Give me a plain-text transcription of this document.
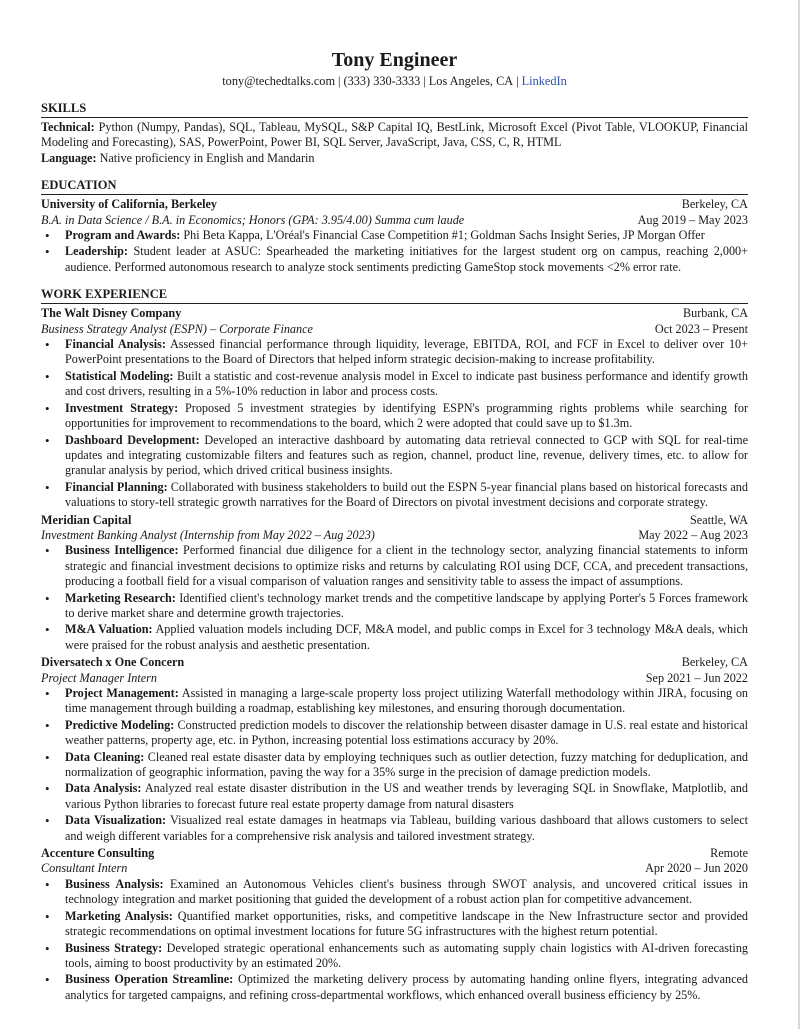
Tony Engineer
tony@techedtalks.com | (333) 330-3333 | Los Angeles, CA | LinkedIn
SKILLS

Technical: Python (Numpy, Pandas), SQL, Tableau, MySQL, S&P Capital IQ, BestLink, Microsoft Excel (Pivot Table, VLOOKUP, Financial Modeling and Forecasting), SAS, PowerPoint, Power BI, SQL Server, JavaScript, Java, CSS, C, R, HTML

Language: Native proficiency in English and Mandarin

EDUCATION
University of California, Berkeley	Berkeley, CA
B.A. in Data Science / B.A. in Economics; Honors (GPA: 3.95/4.00) Summa cum laude	Aug 2019 – May 2023
• Program and Awards: Phi Beta Kappa, L'Oréal's Financial Case Competition #1; Goldman Sachs Insight Series, JP Morgan Offer
• Leadership: Student leader at ASUC: Spearheaded the marketing initiatives for the largest student org on campus, reaching 2,000+ audience. Performed autonomous research to analyze stock sentiments predicting GameStop stock movements <2% error rate.
WORK EXPERIENCE
The Walt Disney Company	Burbank, CA
Business Strategy Analyst (ESPN) – Corporate Finance	Oct 2023 – Present
• Financial Analysis: Assessed financial performance through liquidity, leverage, EBITDA, ROI, and FCF in Excel to deliver over 10+ PowerPoint presentations to the Board of Directors that helped inform strategic decision-making to increase profitability.
• Statistical Modeling: Built a statistic and cost-revenue analysis model in Excel to indicate past business performance and identify growth and cost drivers, resulting in a 5%-10% reduction in labor and process costs.
• Investment Strategy: Proposed 5 investment strategies by identifying ESPN's programming rights problems while searching for opportunities for improvement to recommendations to the board, which 2 were adopted that could save up to $1.3m.
• Dashboard Development: Developed an interactive dashboard by automating data retrieval connected to GCP with SQL for real-time updates and integrating customizable filters and features such as region, channel, product line, revenue, delivery times, etc. to allow for granular analysis by period, which drived critical business insights.
• Financial Planning: Collaborated with business stakeholders to build out the ESPN 5-year financial plans based on historical forecasts and valuations to story-tell strategic growth narratives for the Board of Directors on pivotal investment decisions and corporate strategy.
Meridian Capital	Seattle, WA
Investment Banking Analyst (Internship from May 2022 – Aug 2023)	May 2022 – Aug 2023
• Business Intelligence: Performed financial due diligence for a client in the technology sector, analyzing financial statements to inform strategic and financial investment decisions to optimize risks and returns by calculating ROI using DCF, CCA, and precedent transactions, producing a football field for a visual comparison of valuation ranges and sensitivity table to assess the impact of assumptions.
• Marketing Research: Identified client's technology market trends and the competitive landscape by applying Porter's 5 Forces framework to derive market share and determine growth trajectories.
• M&A Valuation: Applied valuation models including DCF, M&A model, and public comps in Excel for 3 technology M&A deals, which were praised for the robust analysis and aesthetic presentation.
Diversatech x One Concern	Berkeley, CA
Project Manager Intern	Sep 2021 – Jun 2022
• Project Management: Assisted in managing a large-scale property loss project utilizing Waterfall methodology within JIRA, focusing on time management through building a roadmap, establishing key milestones, and ensuring thorough documentation.
• Predictive Modeling: Constructed prediction models to discover the relationship between disaster damage in U.S. real estate and historical weather patterns, property age, etc. in Python, increasing potential loss estimations accuracy by 20%.
• Data Cleaning: Cleaned real estate disaster data by employing techniques such as outlier detection, fuzzy matching for deduplication, and normalization of geographic information, paving the way for a 35% surge in the precision of damage prediction models.
• Data Analysis: Analyzed real estate disaster distribution in the US and weather trends by leveraging SQL in Snowflake, Matplotlib, and various Python libraries to forecast future real estate property damage from natural disasters
• Data Visualization: Visualized real estate damages in heatmaps via Tableau, building various dashboard that allows customers to select and weigh different variables for a comprehensive risk analysis and tailored investment strategy.
Accenture Consulting	Remote
Consultant Intern	Apr 2020 – Jun 2020
• Business Analysis: Examined an Autonomous Vehicles client's business through SWOT analysis, and uncovered critical issues in technology integration and market positioning that guided the development of a robust action plan for competitive advancement.
• Marketing Analysis: Quantified market opportunities, risks, and competitive landscape in the New Infrastructure sector and provided strategic recommendations on optimal investment locations for future 5G infrastructures with the highest return potential.
• Business Strategy: Developed strategic operational enhancements such as automating supply chain logistics with AI-driven forecasting tools, aiming to boost productivity by an estimated 20%.
• Business Operation Streamline: Optimized the marketing delivery process by automating handing online flyers, integrating advanced analytics for targeted campaigns, and refining cross-departmental workflows, which enhanced overall business efficiency by 25%.
